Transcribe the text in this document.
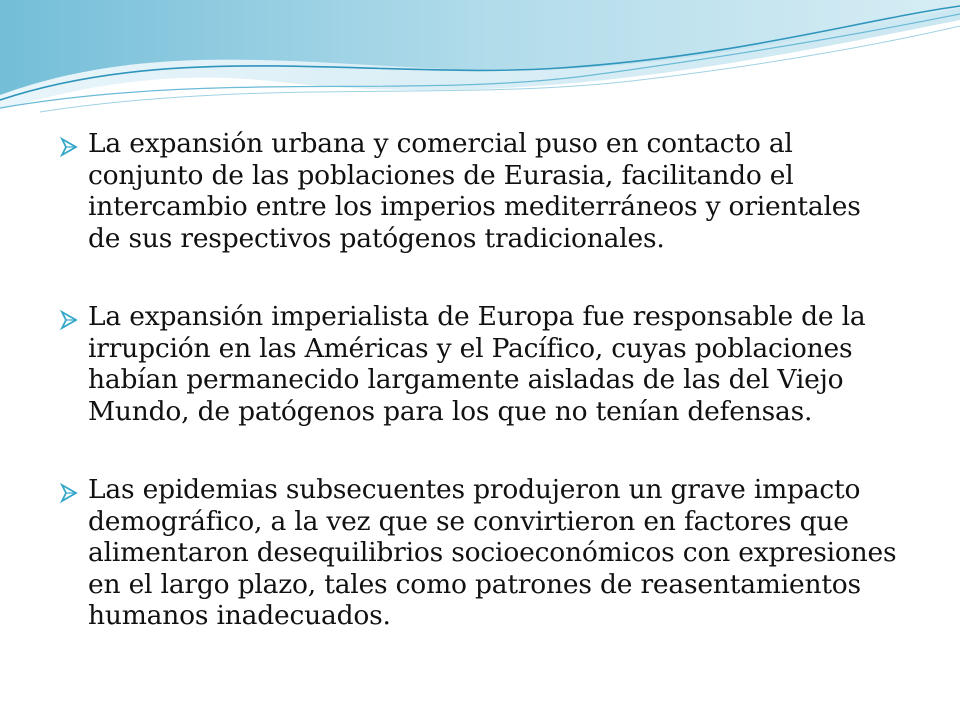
La expansión urbana y comercial puso en contacto al conjunto de las poblaciones de Eurasia, facilitando el intercambio entre los imperios mediterráneos y orientales de sus respectivos patógenos tradicionales.
La expansión imperialista de Europa fue responsable de la irrupción en las Américas y el Pacífico, cuyas poblaciones habían permanecido largamente aisladas de las del Viejo Mundo, de patógenos para los que no tenían defensas.
Las epidemias subsecuentes produjeron un grave impacto demográfico, a la vez que se convirtieron en factores que alimentaron desequilibrios socioeconómicos con expresiones en el largo plazo, tales como patrones de reasentamientos humanos inadecuados.
